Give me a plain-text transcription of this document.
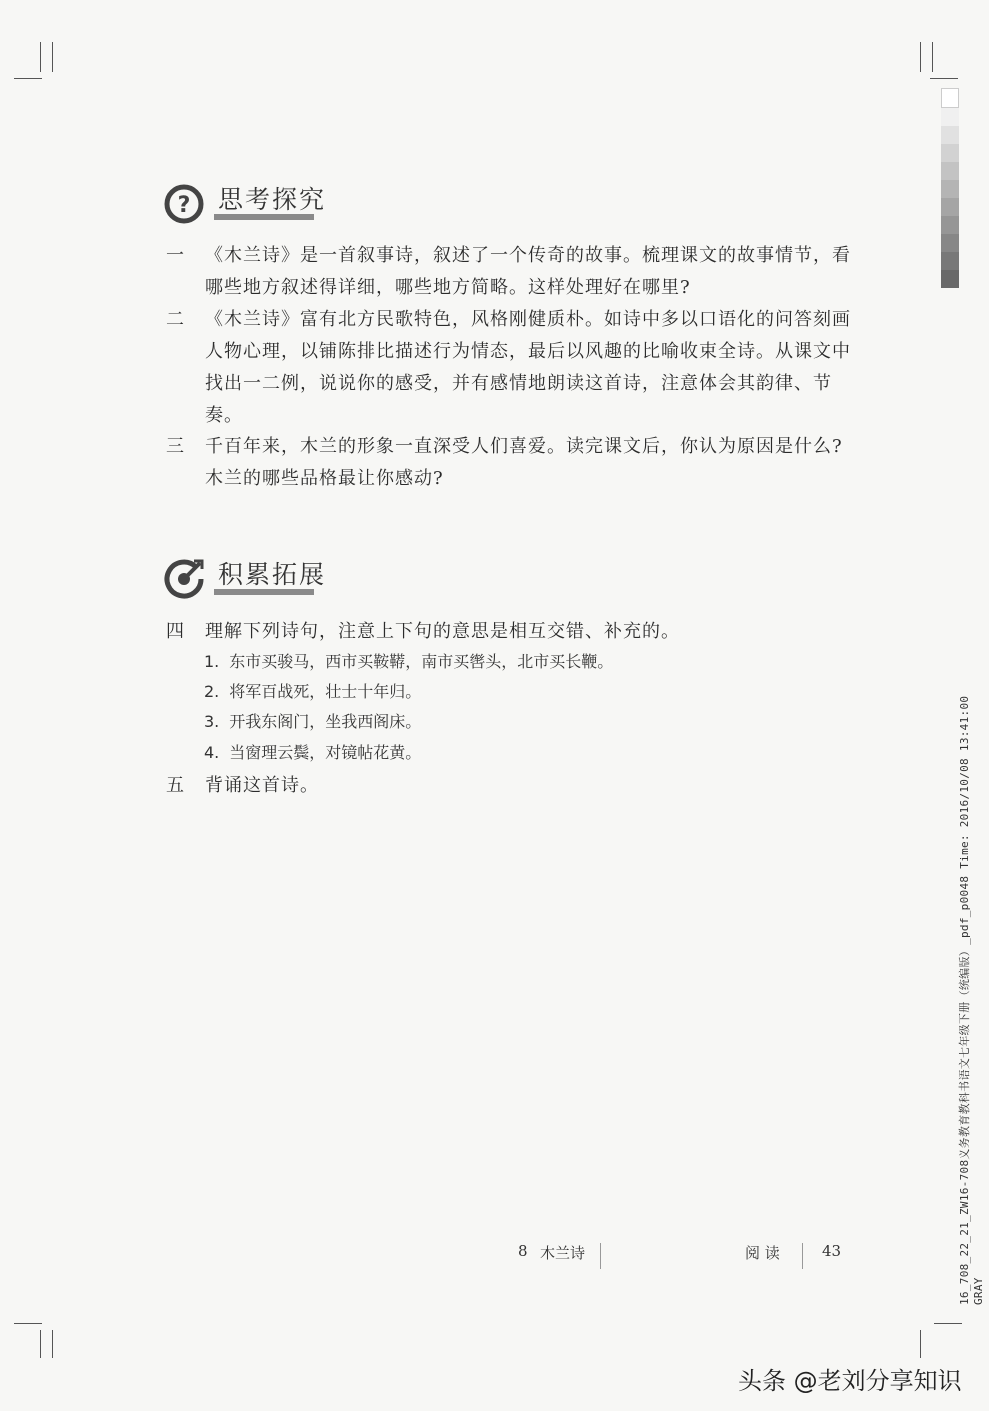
? 思考探究
一 《木兰诗》是一首叙事诗，叙述了一个传奇的故事。梳理课文的故事情节，看哪些地方叙述得详细，哪些地方简略。这样处理好在哪里?
二 《木兰诗》富有北方民歌特色，风格刚健质朴。如诗中多以口语化的问答刻画人物心理，以铺陈排比描述行为情态，最后以风趣的比喻收束全诗。从课文中找出一二例，说说你的感受，并有感情地朗读这首诗，注意体会其韵律、节奏。
三 千百年来，木兰的形象一直深受人们喜爱。读完课文后，你认为原因是什么?木兰的哪些品格最让你感动?
积累拓展
四 理解下列诗句，注意上下句的意思是相互交错、补充的。
1. 东市买骏马，西市买鞍鞯，南市买辔头，北市买长鞭。
2. 将军百战死，壮士十年归。
3. 开我东阁门，坐我西阁床。
4. 当窗理云鬓，对镜帖花黄。
五 背诵这首诗。
8 木兰诗	阅 读	43	16_708_22_21_ZW16-708义务教育教科书语文七年级下册（统编版）_pdf_p0048 Time: 2016/10/08 13:41:00 GRAY
头条 @老刘分享知识
